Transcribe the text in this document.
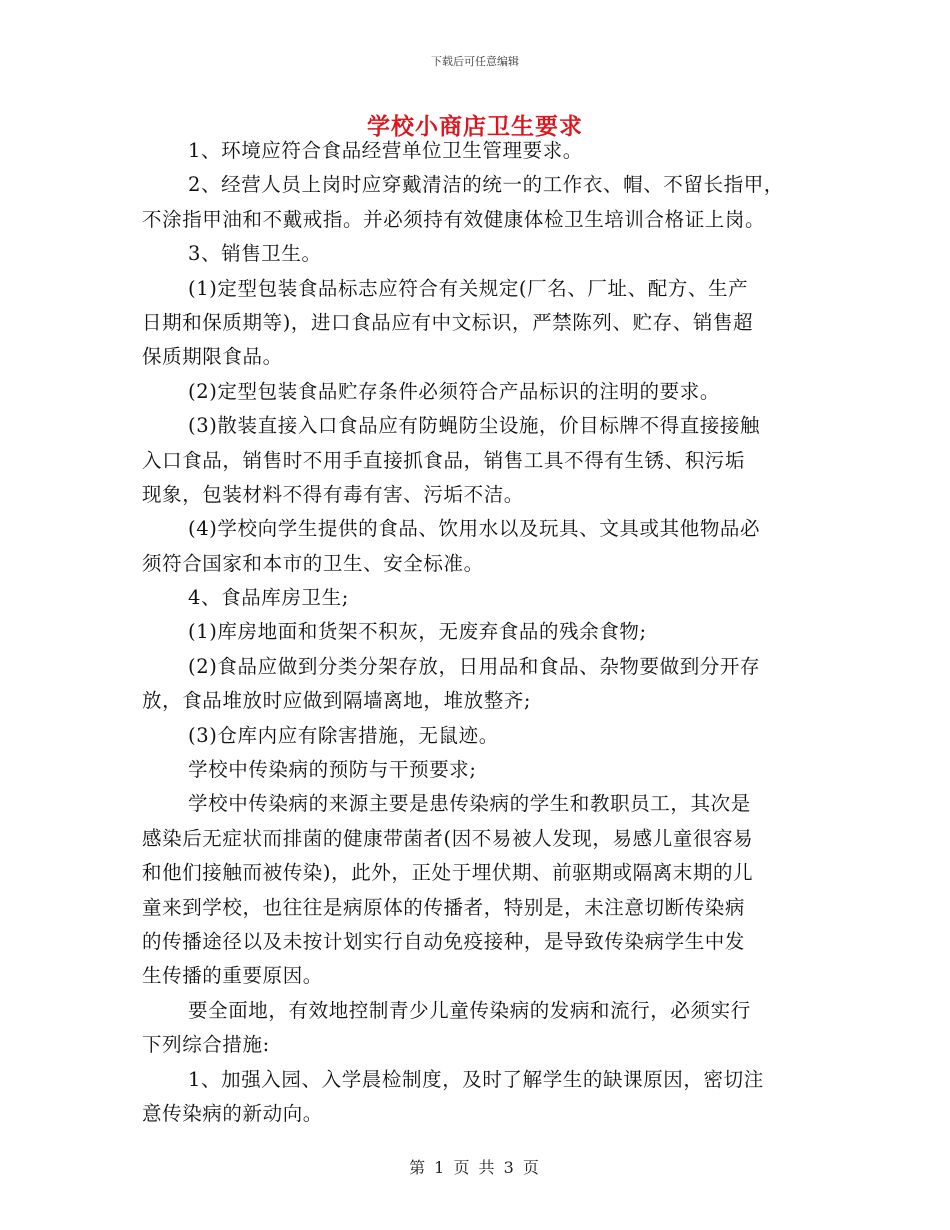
下载后可任意编辑
学校小商店卫生要求
1、环境应符合食品经营单位卫生管理要求。
2、经营人员上岗时应穿戴清洁的统一的工作衣、帽、不留长指甲，
不涂指甲油和不戴戒指。并必须持有效健康体检卫生培训合格证上岗。
3、销售卫生。
(1)定型包装食品标志应符合有关规定(厂名、厂址、配方、生产
日期和保质期等)，进口食品应有中文标识，严禁陈列、贮存、销售超
保质期限食品。
(2)定型包装食品贮存条件必须符合产品标识的注明的要求。
(3)散装直接入口食品应有防蝇防尘设施，价目标牌不得直接接触
入口食品，销售时不用手直接抓食品，销售工具不得有生锈、积污垢
现象，包装材料不得有毒有害、污垢不洁。
(4)学校向学生提供的食品、饮用水以及玩具、文具或其他物品必
须符合国家和本市的卫生、安全标准。
4、食品库房卫生;
(1)库房地面和货架不积灰，无废弃食品的残余食物;
(2)食品应做到分类分架存放，日用品和食品、杂物要做到分开存
放，食品堆放时应做到隔墙离地，堆放整齐;
(3)仓库内应有除害措施，无鼠迹。
学校中传染病的预防与干预要求;
学校中传染病的来源主要是患传染病的学生和教职员工，其次是
感染后无症状而排菌的健康带菌者(因不易被人发现，易感儿童很容易
和他们接触而被传染)，此外，正处于埋伏期、前驱期或隔离末期的儿
童来到学校，也往往是病原体的传播者，特别是，未注意切断传染病
的传播途径以及未按计划实行自动免疫接种，是导致传染病学生中发
生传播的重要原因。
要全面地，有效地控制青少儿童传染病的发病和流行，必须实行
下列综合措施:
1、加强入园、入学晨检制度，及时了解学生的缺课原因，密切注
意传染病的新动向。
第 1 页 共 3 页
